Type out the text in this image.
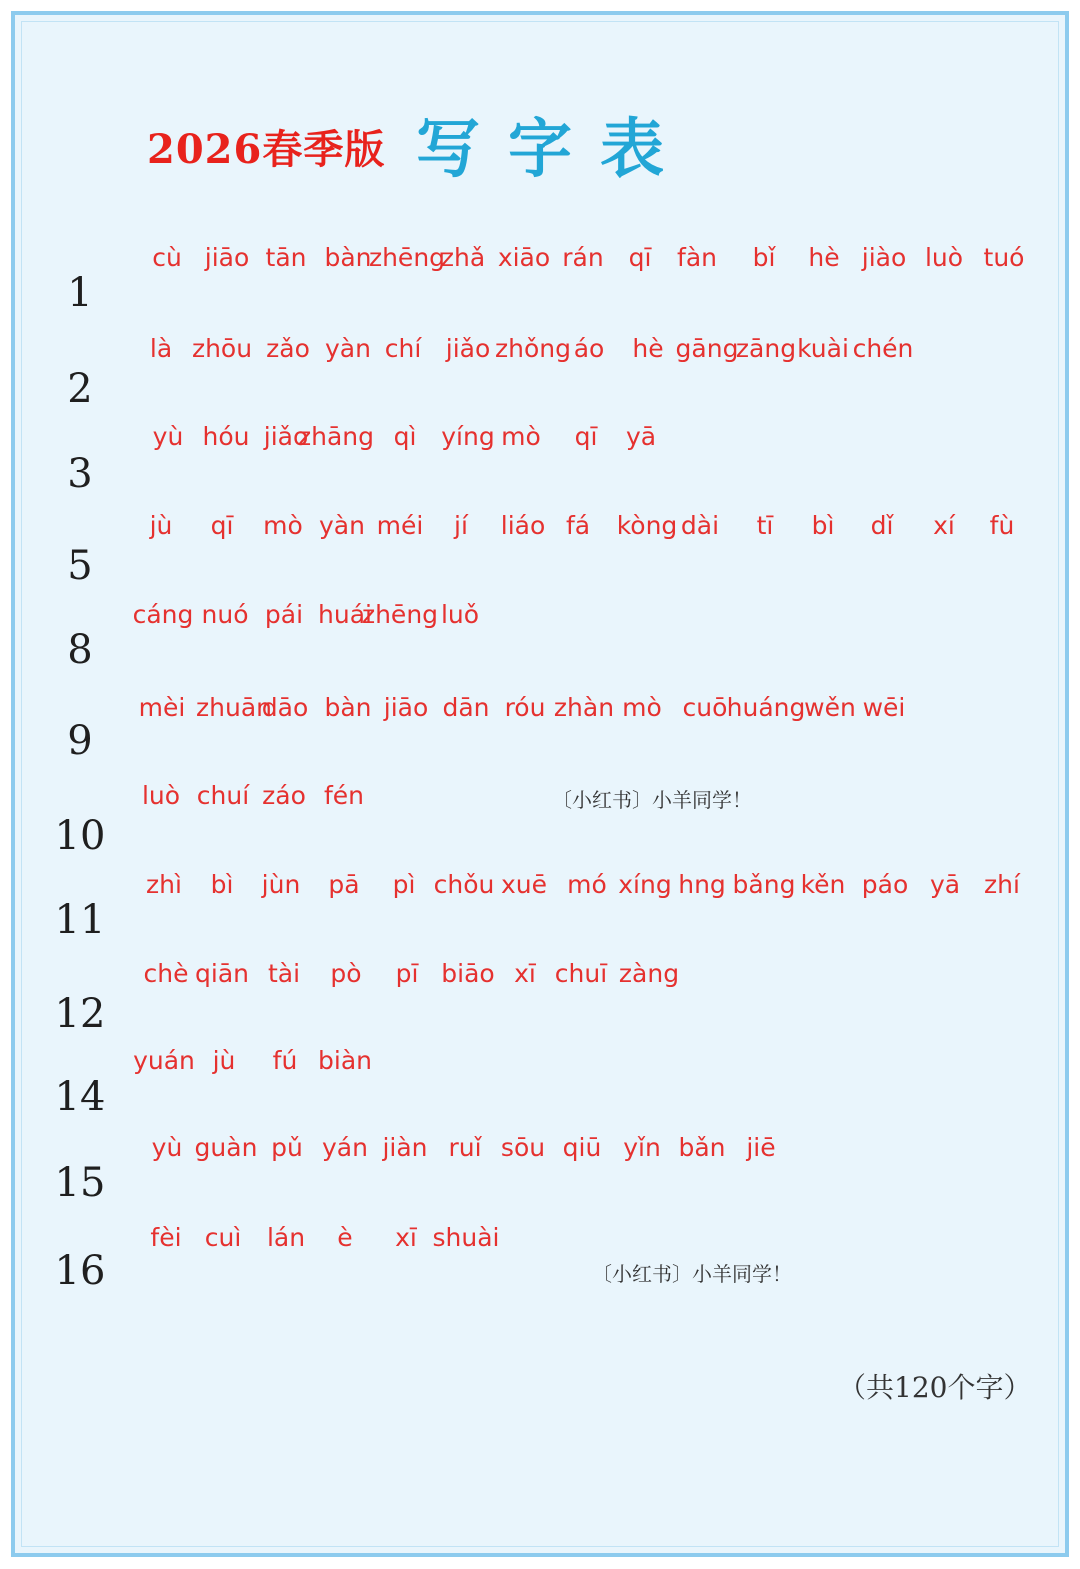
2026春季版 写字表
1
cù jiāo tān bàn
zhēng
zhǎ xiāo rán qī fàn bǐ hè jiào luò tuó
2
là zhōu zǎo yàn chí jiǎo zhǒng áo hè gāng
zāng kuài chén
3
yù hóu jiǎo
zhāng qì yíng mò qī yā
5
jù qī mò yàn méi jí liáo fá kòng dài tī bì dǐ xí fù
8
cáng nuó pái huái
zhēng luǒ
9
mèi zhuān
dāo bàn jiāo dān róu zhàn mò cuō huáng
wěn wēi
10
luò chuí záo fén
11
zhì bì jùn pā pì chǒu xuē mó xíng hng bǎng kěn páo yā zhí
12
chè qiān tài pò pī biāo xī chuī zàng
14
yuán jù fú biàn
15
yù guàn pǔ yán jiàn ruǐ sōu qiū yǐn bǎn jiē
16
fèi cuì lán è xī shuài
〔小红书〕小羊同学！
〔小红书〕小羊同学！
（共120个字）
